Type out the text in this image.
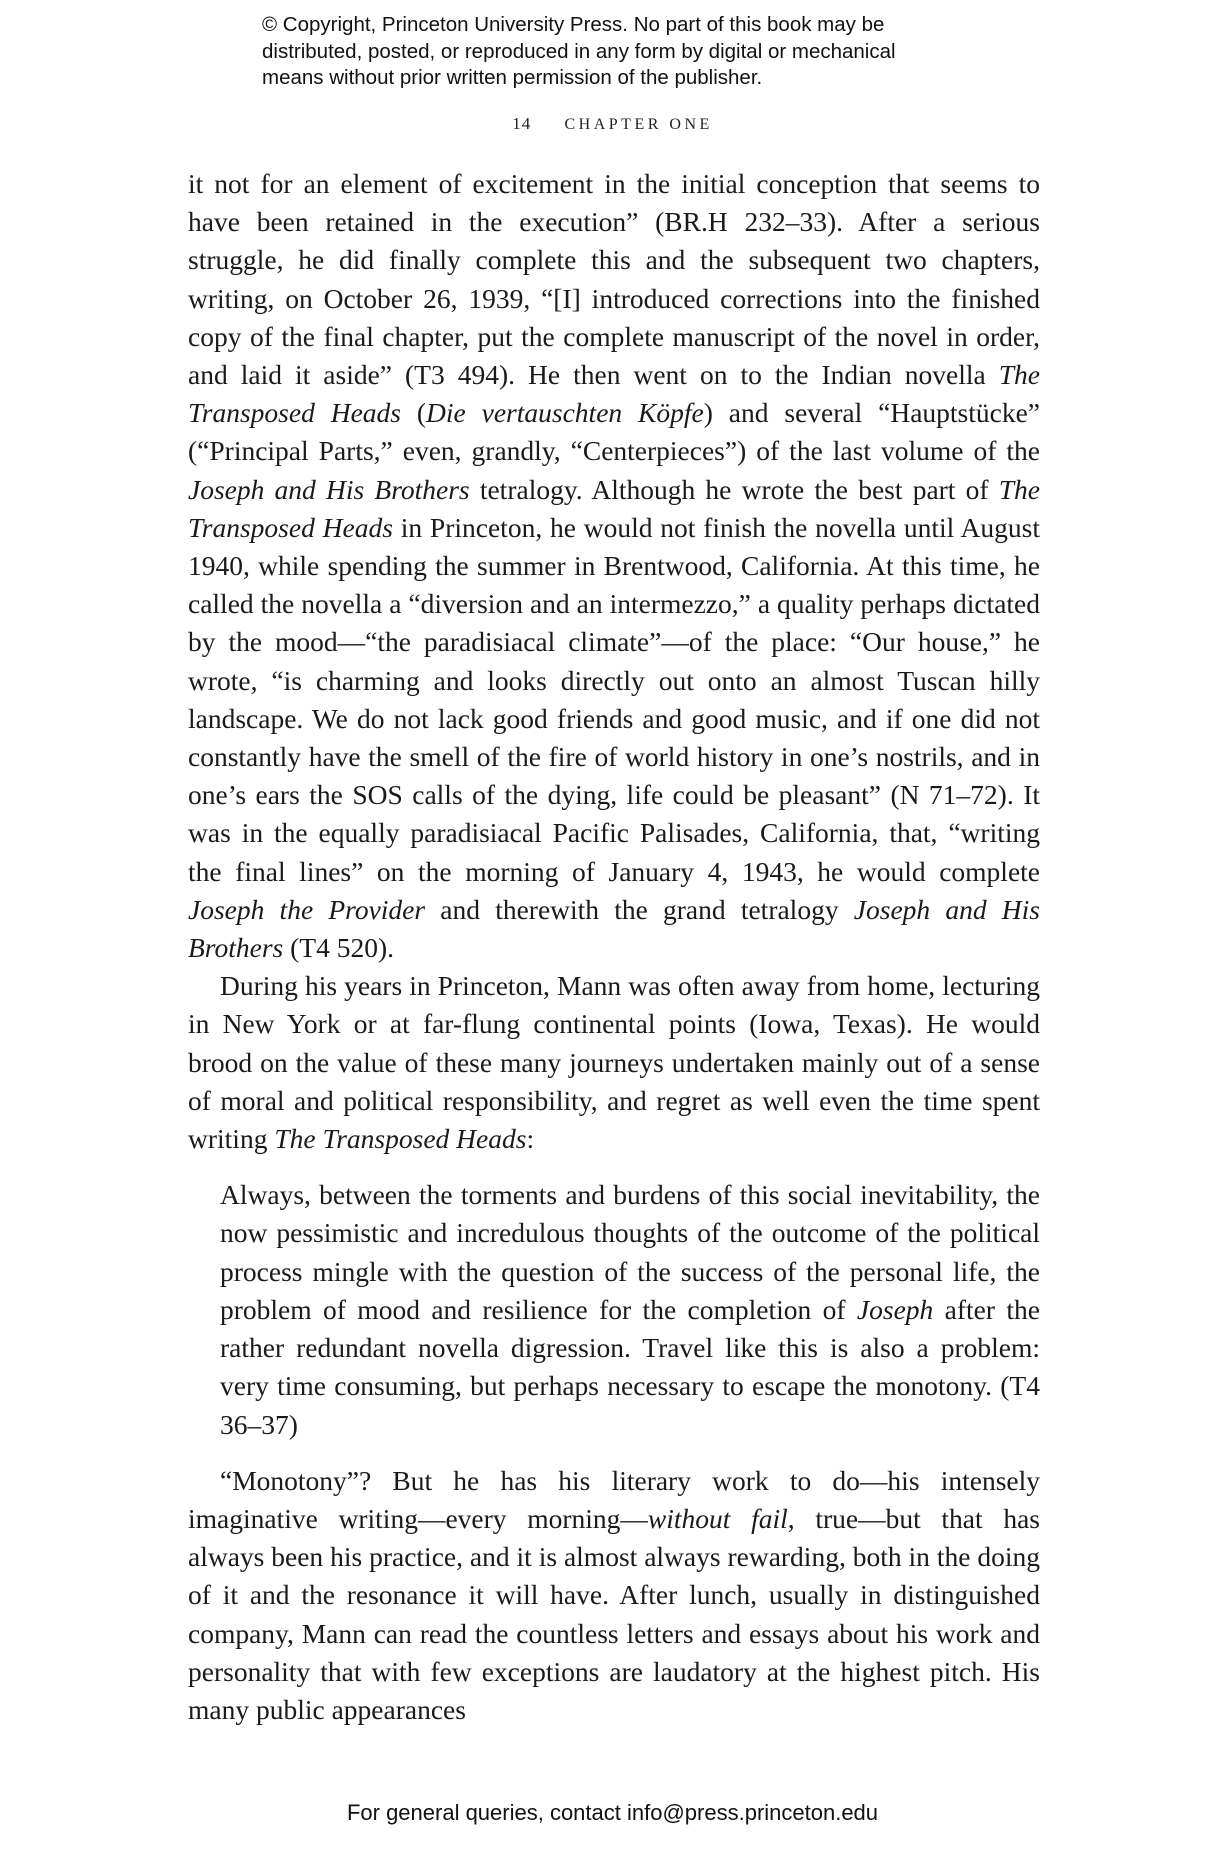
© Copyright, Princeton University Press. No part of this book may be
distributed, posted, or reproduced in any form by digital or mechanical
means without prior written permission of the publisher.
14 CHAPTER ONE

it not for an element of excitement in the initial conception that seems to have been retained in the execution” (BR.H 232–33). After a serious struggle, he did finally complete this and the subsequent two chapters, writing, on October 26, 1939, “[I] introduced corrections into the finished copy of the final chapter, put the complete manuscript of the novel in order, and laid it aside” (T3 494). He then went on to the Indian novella The Transposed Heads (Die vertauschten Köpfe) and several “Hauptstücke” (“Principal Parts,” even, grandly, “Centerpieces”) of the last volume of the Joseph and His Brothers tetralogy. Although he wrote the best part of The Transposed Heads in Princeton, he would not finish the novella until August 1940, while spending the summer in Brentwood, California. At this time, he called the novella a “diversion and an intermezzo,” a quality perhaps dictated by the mood—“the paradisiacal climate”—of the place: “Our house,” he wrote, “is charming and looks directly out onto an almost Tuscan hilly landscape. We do not lack good friends and good music, and if one did not constantly have the smell of the fire of world history in one’s nostrils, and in one’s ears the SOS calls of the dying, life could be pleasant” (N 71–72). It was in the equally paradisiacal Pacific Palisades, California, that, “writing the final lines” on the morning of January 4, 1943, he would complete Joseph the Provider and therewith the grand tetralogy Joseph and His Brothers (T4 520).

During his years in Princeton, Mann was often away from home, lecturing in New York or at far-flung continental points (Iowa, Texas). He would brood on the value of these many journeys undertaken mainly out of a sense of moral and political responsibility, and regret as well even the time spent writing The Transposed Heads:

Always, between the torments and burdens of this social inevitability, the now pessimistic and incredulous thoughts of the outcome of the political process mingle with the question of the success of the personal life, the problem of mood and resilience for the completion of Joseph after the rather redundant novella digression. Travel like this is also a problem: very time consuming, but perhaps necessary to escape the monotony. (T4 36–37)

“Monotony”? But he has his literary work to do—his intensely imaginative writing—every morning—without fail, true—but that has always been his practice, and it is almost always rewarding, both in the doing of it and the resonance it will have. After lunch, usually in distinguished company, Mann can read the countless letters and essays about his work and personality that with few exceptions are laudatory at the highest pitch. His many public appearances

For general queries, contact info@press.princeton.edu
